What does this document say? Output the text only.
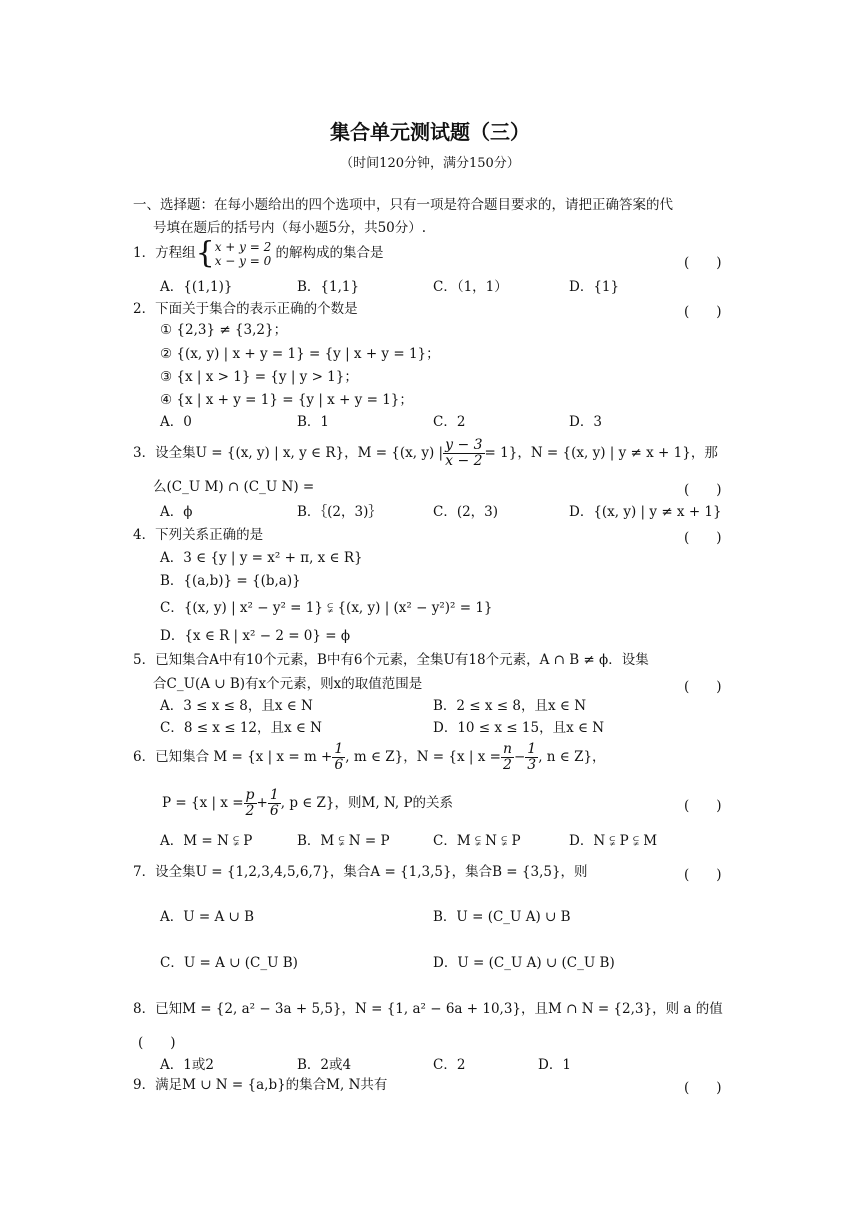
集合单元测试题（三）
（时间120分钟，满分150分）
一、选择题：在每小题给出的四个选项中，只有一项是符合题目要求的，请把正确答案的代
号填在题后的括号内（每小题5分，共50分）.
1．方程组{ x + y = 2
x − y = 0 的解构成的集合是
(　　)
A．{(1,1)}	B．{1,1}	C．（1，1）	D．{1}
2．下面关于集合的表示正确的个数是	(　　)
① {2,3} ≠ {3,2}；
② {(x, y) | x + y = 1} = {y | x + y = 1}；
③ {x | x > 1} = {y | y > 1}；
④ {x | x + y = 1} = {y | x + y = 1}；
A．0	B．1	C．2	D．3
3．设全集U = {(x, y) | x, y ∈ R}，M = {(x, y) | $\frac{y - 3}{x - 2} = 1$}，N = {(x, y) | y ≠ x + 1}，那
么(C_U M) ∩ (C_U N) =	(　　)
A．ϕ	B．｛(2，3)｝	C．(2，3)	D．{(x, y) | y ≠ x + 1}
4．下列关系正确的是	(　　)
A．3 ∈ {y | y = x² + π, x ∈ R}
B．{(a,b)} = {(b,a)}
C．{(x, y) | x² − y² = 1} ⫋ {(x, y) | (x² − y²)² = 1}
D．{x ∈ R | x² − 2 = 0} = ϕ
5．已知集合A中有10个元素，B中有6个元素，全集U有18个元素，A ∩ B ≠ ϕ．设集
合C_U(A ∪ B)有x个元素，则x的取值范围是	(　　)
A．3 ≤ x ≤ 8，且x ∈ N	B．2 ≤ x ≤ 8，且x ∈ N
C．8 ≤ x ≤ 12，且x ∈ N	D．10 ≤ x ≤ 15，且x ∈ N
6．已知集合 M = {x | $x = m + \frac{1}{6}$ , m ∈ Z}，N = {x | $x = \frac{n}{2} - \frac{1}{3}$ , n ∈ Z}，
P = {x | $x = \frac{p}{2} + \frac{1}{6}$ , p ∈ Z}，则M, N, P的关系	(　　)
A．M = N ⫋ P	B．M ⫋ N = P	C．M ⫋ N ⫋ P	D．N ⫋ P ⫋ M
7．设全集U = {1,2,3,4,5,6,7}，集合A = {1,3,5}，集合B = {3,5}，则	(　　)
A．U = A ∪ B	B．U = (C_U A) ∪ B
C．U = A ∪ (C_U B)	D．U = (C_U A) ∪ (C_U B)
8．已知M = {2, a² − 3a + 5,5}，N = {1, a² − 6a + 10,3}，且M ∩ N = {2,3}，则 a 的值
(　　)
A．1或2	B．2或4	C．2	D．1
9．满足M ∪ N = {a,b}的集合M, N共有	(　　)
